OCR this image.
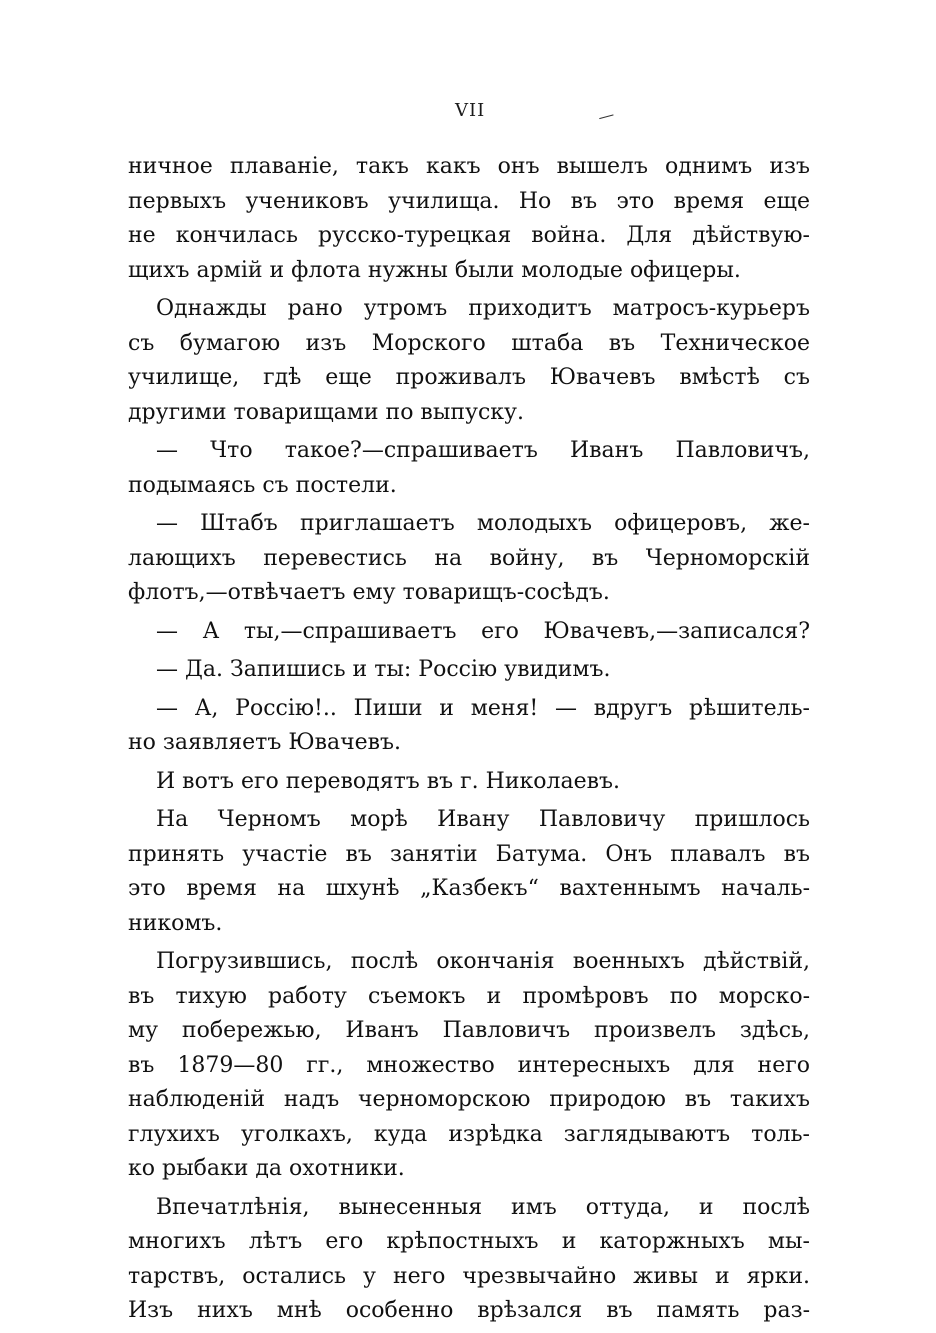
VII	—
ничное плаваніе, такъ какъ онъ вышелъ однимъ изъ
первыхъ учениковъ училища. Но въ это время еще
не кончилась русско-турецкая война. Для дѣйствую-
щихъ армій и флота нужны были молодые офицеры.
Однажды рано утромъ приходитъ матросъ-курьеръ
съ бумагою изъ Морского штаба въ Техническое
училище, гдѣ еще проживалъ Ювачевъ вмѣстѣ съ
другими товарищами по выпуску.
— Что такое?—спрашиваетъ Иванъ Павловичъ,
подымаясь съ постели.
— Штабъ приглашаетъ молодыхъ офицеровъ, же-
лающихъ перевестись на войну, въ Черноморскій
флотъ,—отвѣчаетъ ему товарищъ-сосѣдъ.
— А ты,—спрашиваетъ его Ювачевъ,—записался?
— Да. Запишись и ты: Россію увидимъ.
— А, Россію!.. Пиши и меня! — вдругъ рѣшитель-
но заявляетъ Ювачевъ.
И вотъ его переводятъ въ г. Николаевъ.
На Черномъ морѣ Ивану Павловичу пришлось
принять участіе въ занятіи Батума. Онъ плавалъ въ
это время на шхунѣ „Казбекъ“ вахтеннымъ началь-
никомъ.
Погрузившись, послѣ окончанія военныхъ дѣйствій,
въ тихую работу съемокъ и промѣровъ по морско-
му побережью, Иванъ Павловичъ произвелъ здѣсь,
въ 1879—80 гг., множество интересныхъ для него
наблюденій надъ черноморскою природою въ такихъ
глухихъ уголкахъ, куда изрѣдка заглядываютъ толь-
ко рыбаки да охотники.
Впечатлѣнія, вынесенныя имъ оттуда, и послѣ
многихъ лѣтъ его крѣпостныхъ и каторжныхъ мы-
тарствъ, остались у него чрезвычайно живы и ярки.
Изъ нихъ мнѣ особенно врѣзался въ память раз-
